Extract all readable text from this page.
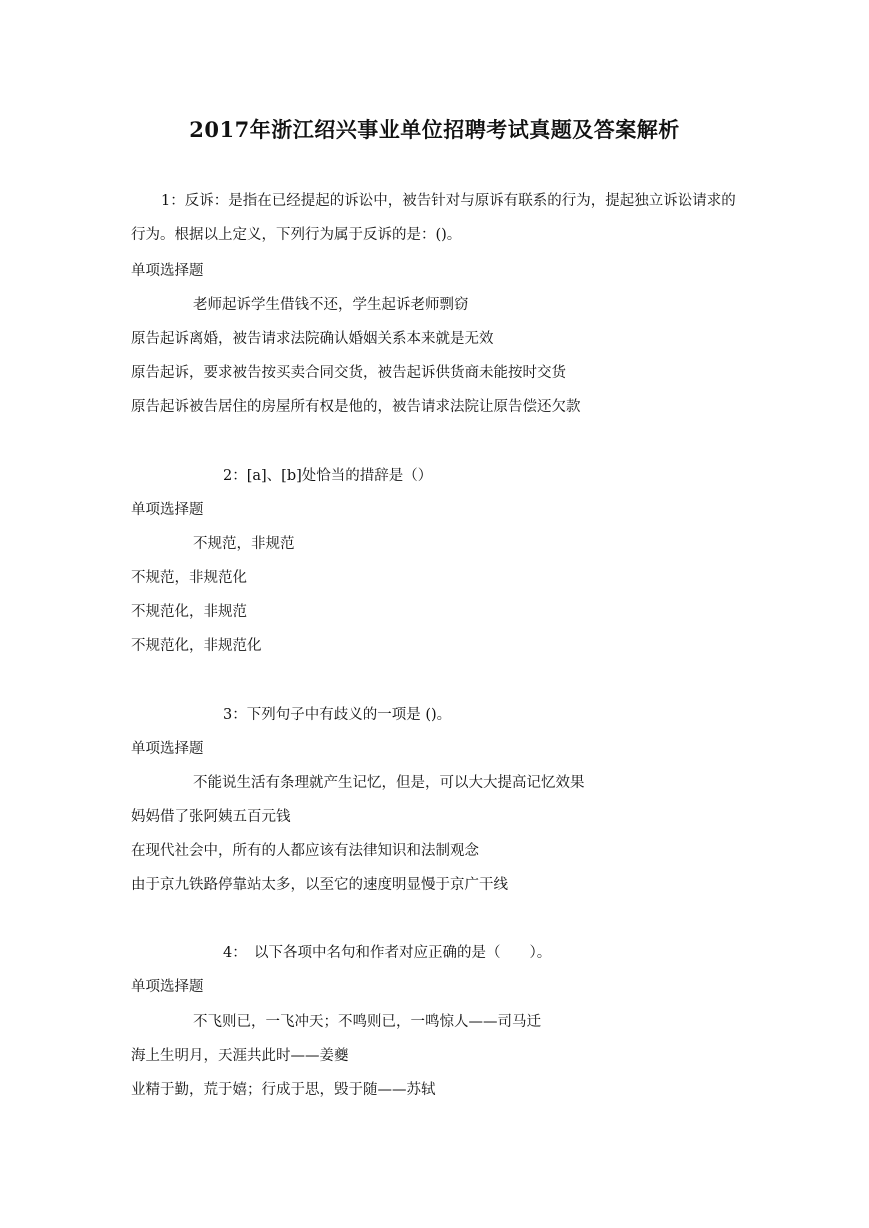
2017年浙江绍兴事业单位招聘考试真题及答案解析
1：反诉：是指在已经提起的诉讼中，被告针对与原诉有联系的行为，提起独立诉讼请求的行为。根据以上定义，下列行为属于反诉的是：()。
单项选择题
老师起诉学生借钱不还，学生起诉老师剽窃
原告起诉离婚，被告请求法院确认婚姻关系本来就是无效
原告起诉，要求被告按买卖合同交货，被告起诉供货商未能按时交货
原告起诉被告居住的房屋所有权是他的，被告请求法院让原告偿还欠款
2：[a]、[b]处恰当的措辞是（）
单项选择题
不规范，非规范
不规范，非规范化
不规范化，非规范
不规范化，非规范化
3：下列句子中有歧义的一项是 ()。
单项选择题
不能说生活有条理就产生记忆，但是，可以大大提高记忆效果
妈妈借了张阿姨五百元钱
在现代社会中，所有的人都应该有法律知识和法制观念
由于京九铁路停靠站太多，以至它的速度明显慢于京广干线
4：　以下各项中名句和作者对应正确的是（　　）。
单项选择题
不飞则已，一飞冲天；不鸣则已，一鸣惊人——司马迁
海上生明月，天涯共此时——姜夔
业精于勤，荒于嬉；行成于思，毁于随——苏轼
